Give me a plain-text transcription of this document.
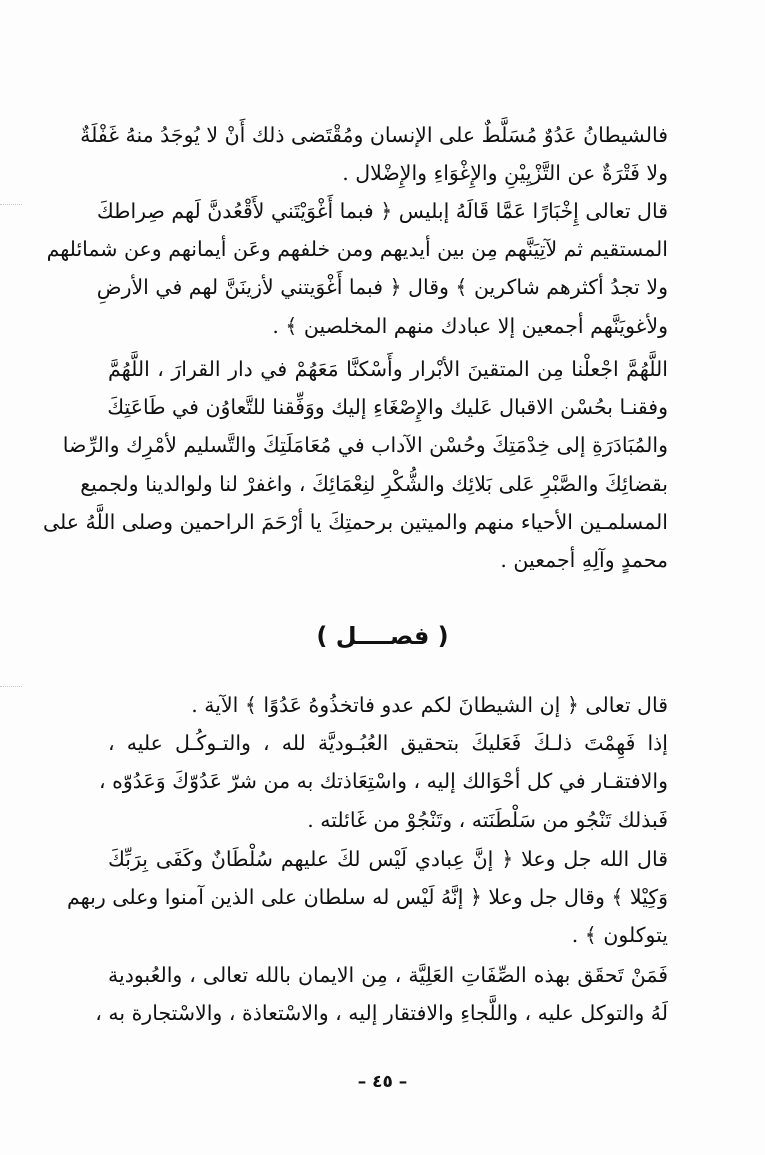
فالشيطانُ عَدُوٌ مُسَلَّطٌ على الإنسان ومُقْتَضى ذلك أَنْ لا يُوجَدُ منهُ غَفْلَةٌ
ولا فَتْرَةٌ عن التَّزْيِيْنِ والإِغْوَاءِ والإِضْلال .
قال تعالى إِخْبَارًا عَمَّا قَالَهُ إبليس ﴿ فبما أَغْوَيْتَني لأَقْعُدنَّ لَهم صِراطكَ
المستقيم ثم لآتِيَنَّهم مِن بين أيديهم ومن خلفهم وعَن أيمانهم وعن شمائلهم
ولا تجدُ أكثرهم شاكرين ﴾ وقال ﴿ فبما أَغْوَيتني لأزينَنَّ لهم في الأرضِ
ولأغويَنَّهم أجمعين إلا عبادك منهم المخلصين ﴾ .
اللَّهُمَّ اجْعلْنا مِن المتقينَ الأبْرار وأَسْكنَّا مَعَهُمْ في دار القرارَ ، اللَّهُمَّ
وفقنـا بحُسْن الاقبال عَليك والإِصْغَاءِ إليك ووَفِّقنا للتَّعاوُن في طَاعَتِكَ
والمُبَادَرَةِ إلى خِدْمَتِكَ وحُسْن الآداب في مُعَامَلَتِكَ والتَّسليم لأمْرِك والرِّضا
بقضائِكَ والصَّبْرِ عَلى بَلائِك والشُّكْرِ لنِعْمَائِكَ ، واغفرْ لنا ولوالدينا ولجميع
المسلمـين الأحياء منهم والميتين برحمتِكَ يا أرْحَمَ الراحمين وصلى اللَّهُ على
محمدٍ وآلِهِ أجمعين .
( فصــــل )
قال تعالى ﴿ إن الشيطانَ لكم عدو فاتخذُوهُ عَدُوًا ﴾ الآية .
إذا فَهِمْتَ ذلـكَ فَعَليكَ بتحقيق العُبُـوديَّة لله ، والتـوكُـل عليه ،
والافتقـار في كل أحْوَالك إليه ، واسْتِعَاذتك به من شرّ عَدُوّكَ وَعَدُوّه ،
فَبذلك تَنْجُو من سَلْطَنَته ، وتَنْجُوْ من غَائلته .
قال الله جل وعلا ﴿ إنَّ عِبادي لَيْس لكَ عليهم سُلْطَانٌ وكَفَى بِرَبِّكَ
وَكِيْلا ﴾ وقال جل وعلا ﴿ إنَّهُ لَيْس له سلطان على الذين آمنوا وعلى ربهم
يتوكلون ﴾ .
فَمَنْ تَحقَق بهذه الصِّفَاتِ العَلِيَّة ، مِن الايمان بالله تعالى ، والعُبودية
لَهُ والتوكل عليه ، واللَّجاءِ والافتقار إليه ، والاسْتعاذة ، والاسْتجارة به ،
– ٤٥ –
